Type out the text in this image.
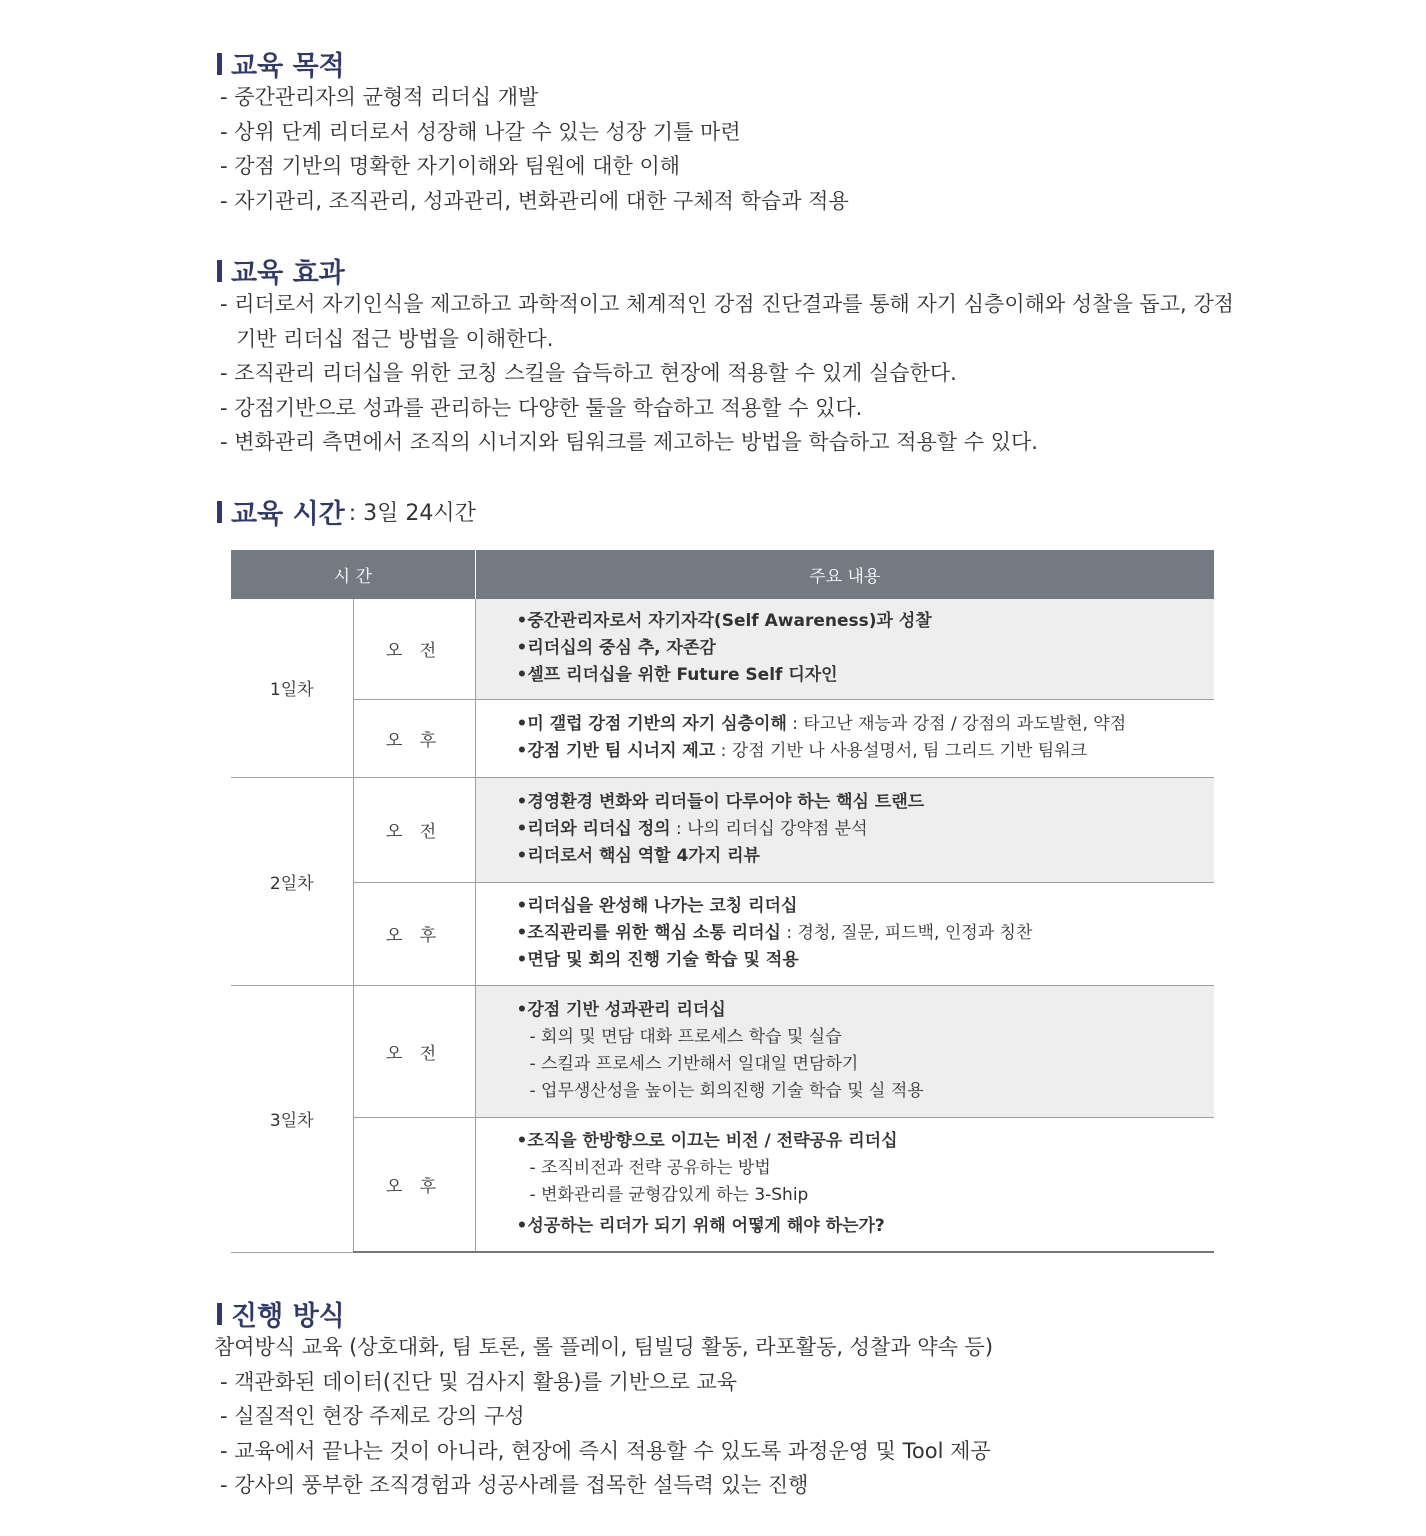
교육 목적
- 중간관리자의 균형적 리더십 개발
- 상위 단계 리더로서 성장해 나갈 수 있는 성장 기틀 마련
- 강점 기반의 명확한 자기이해와 팀원에 대한 이해
- 자기관리, 조직관리, 성과관리, 변화관리에 대한 구체적 학습과 적용
교육 효과
- 리더로서 자기인식을 제고하고 과학적이고 체계적인 강점 진단결과를 통해 자기 심층이해와 성찰을 돕고, 강점
기반 리더십 접근 방법을 이해한다.
- 조직관리 리더십을 위한 코칭 스킬을 습득하고 현장에 적용할 수 있게 실습한다.
- 강점기반으로 성과를 관리하는 다양한 툴을 학습하고 적용할 수 있다.
- 변화관리 측면에서 조직의 시너지와 팀워크를 제고하는 방법을 학습하고 적용할 수 있다.
교육 시간 : 3일 24시간
시 간		주요 내용
1일차	오 전	•중간관리자로서 자기자각(Self Awareness)과 성찰
•리더십의 중심 추, 자존감
•셀프 리더십을 위한 Future Self 디자인

	오 후	•미 갤럽 강점 기반의 자기 심층이해 : 타고난 재능과 강점 / 강점의 과도발현, 약점
•강점 기반 팀 시너지 제고 : 강점 기반 나 사용설명서, 팀 그리드 기반 팀워크

2일차	오 전	•경영환경 변화와 리더들이 다루어야 하는 핵심 트랜드
•리더와 리더십 정의 : 나의 리더십 강약점 분석
•리더로서 핵심 역할 4가지 리뷰

	오 후	•리더십을 완성해 나가는 코칭 리더십
•조직관리를 위한 핵심 소통 리더십 : 경청, 질문, 피드백, 인정과 칭찬
•면담 및 회의 진행 기술 학습 및 적용

3일차	오 전	•강점 기반 성과관리 리더십
- 회의 및 면담 대화 프로세스 학습 및 실습
- 스킬과 프로세스 기반해서 일대일 면담하기
- 업무생산성을 높이는 회의진행 기술 학습 및 실 적용

	오 후	•조직을 한방향으로 이끄는 비전 / 전략공유 리더십
- 조직비전과 전략 공유하는 방법
- 변화관리를 균형감있게 하는 3-Ship
•성공하는 리더가 되기 위해 어떻게 해야 하는가?
진행 방식
참여방식 교육 (상호대화, 팀 토론, 롤 플레이, 팀빌딩 활동, 라포활동, 성찰과 약속 등)
- 객관화된 데이터(진단 및 검사지 활용)를 기반으로 교육
- 실질적인 현장 주제로 강의 구성
- 교육에서 끝나는 것이 아니라, 현장에 즉시 적용할 수 있도록 과정운영 및 Tool 제공
- 강사의 풍부한 조직경험과 성공사례를 접목한 설득력 있는 진행
